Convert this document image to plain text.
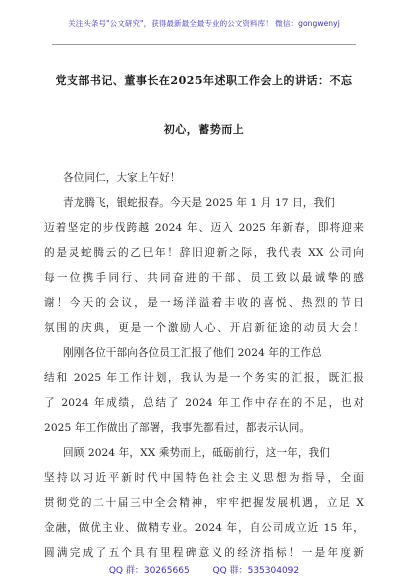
关注头条号"公文研究"，获得最新最全最专业的公文资料库！ 微信：gongwenyj
党支部书记、董事长在2025年述职工作会上的讲话：不忘
初心，蓄势而上
各位同仁，大家上午好！
青龙腾飞，银蛇报春。今天是 2025 年 1 月 17 日，我们
迈着坚定的步伐跨越 2024 年、迈入 2025 年新春，即将迎来
的是灵蛇腾云的乙巳年！辞旧迎新之际，我代表 XX 公司向
每一位携手同行、共同奋进的干部、员工致以最诚挚的感
谢！今天的会议，是一场洋溢着丰收的喜悦、热烈的节日
氛围的庆典，更是一个激励人心、开启新征途的动员大会！
刚刚各位干部向各位员工汇报了他们 2024 年的工作总
结和 2025 年工作计划，我认为是一个务实的汇报，既汇报
了 2024 年成绩，总结了 2024 年工作中存在的不足，也对
2025 年工作做出了部署，我事先都看过，都表示认同。
回顾 2024 年，XX 乘势而上，砥砺前行，这一年，我们
坚持以习近平新时代中国特色社会主义思想为指导，全面
贯彻党的二十届三中全会精神，牢牢把握发展机遇，立足 X
金融，做优主业、做精专业。2024 年，自公司成立近 15 年，
圆满完成了五个具有里程碑意义的经济指标！一是年度新
QQ 群：30265665	QQ 群：535304092
